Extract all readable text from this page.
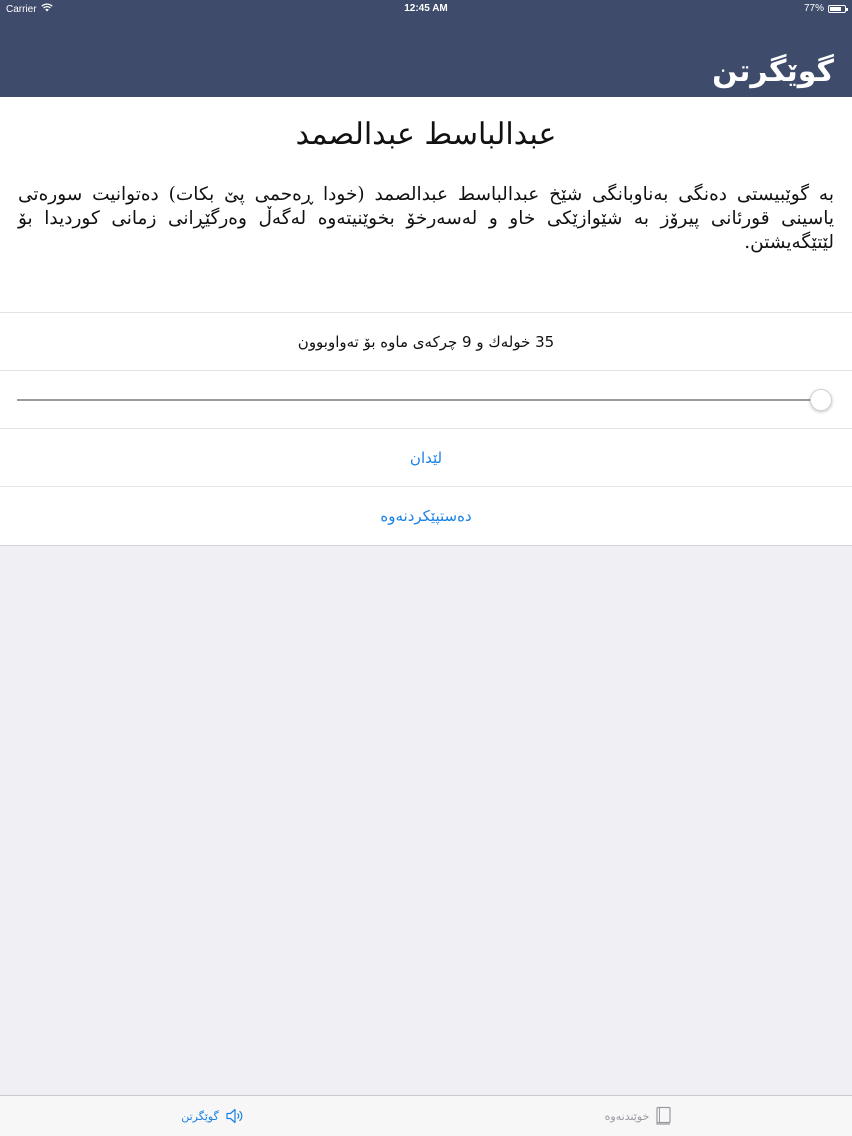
Carrier	12:45 AM	77%
گوێگرتن
عبدالباسط عبدالصمد

بە گوێبیستی دەنگی بەناوبانگی شێخ عبدالباسط عبدالصمد (خودا ڕەحمی پێ بکات) دەتوانیت سورەتی یاسینی قورئانی پیرۆز بە شێوازێکی خاو و لەسەرخۆ بخوێنیتەوە لەگەڵ وەرگێڕانی زمانی کوردیدا بۆ لێتێگەیشتن.

35 خولەك و 9 چرکەی ماوە بۆ تەواوبوون
لێدان
دەستپێکردنەوە
گوێگرتن	خوێندنەوە
